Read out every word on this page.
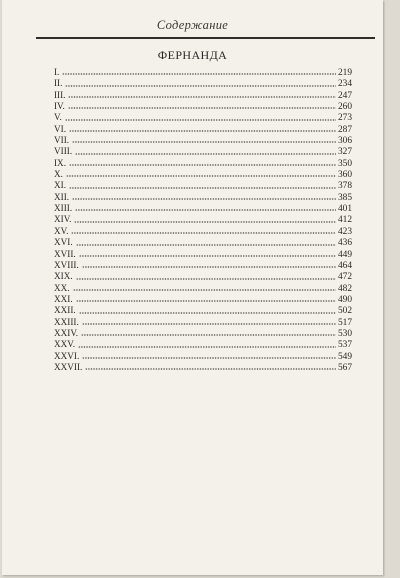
Содержание
ФЕРНАНДА
I.	219
II.	234
III.	247
IV.	260
V.	273
VI.	287
VII.	306
VIII.	327
IX.	350
X.	360
XI.	378
XII.	385
XIII.	401
XIV.	412
XV.	423
XVI.	436
XVII.	449
XVIII.	464
XIX.	472
XX.	482
XXI.	490
XXII.	502
XXIII.	517
XXIV.	530
XXV.	537
XXVI.	549
XXVII.	567
